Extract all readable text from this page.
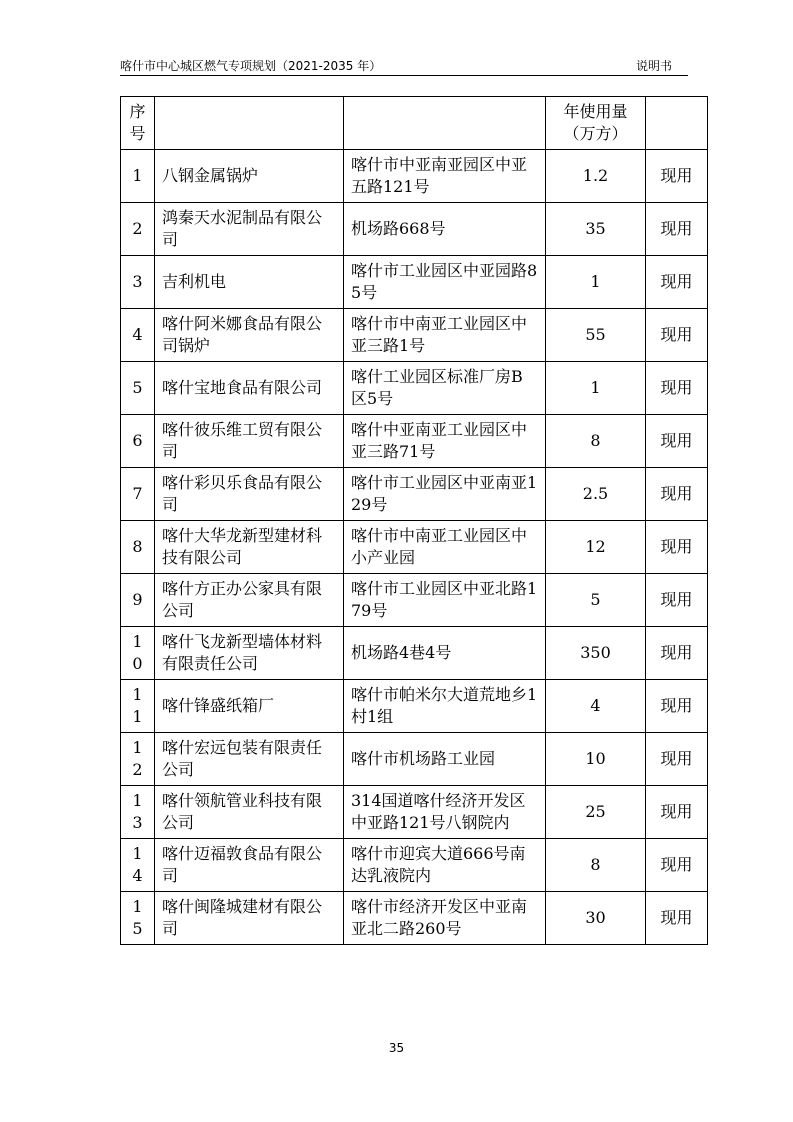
喀什市中心城区燃气专项规划（2021-2035 年）	说明书
序号			年使用量（万方）	
1	八钢金属锅炉	喀什市中亚南亚园区中亚五路121号	1.2	现用
2	鸿秦天水泥制品有限公司	机场路668号	35	现用
3	吉利机电	喀什市工业园区中亚园路85号	1	现用
4	喀什阿米娜食品有限公司锅炉	喀什市中南亚工业园区中亚三路1号	55	现用
5	喀什宝地食品有限公司	喀什工业园区标准厂房B区5号	1	现用
6	喀什彼乐维工贸有限公司	喀什中亚南亚工业园区中亚三路71号	8	现用
7	喀什彩贝乐食品有限公司	喀什市工业园区中亚南亚129号	2.5	现用
8	喀什大华龙新型建材科技有限公司	喀什市中南亚工业园区中小产业园	12	现用
9	喀什方正办公家具有限公司	喀什市工业园区中亚北路179号	5	现用
10	喀什飞龙新型墙体材料有限责任公司	机场路4巷4号	350	现用
11	喀什锋盛纸箱厂	喀什市帕米尔大道荒地乡1村1组	4	现用
12	喀什宏远包装有限责任公司	喀什市机场路工业园	10	现用
13	喀什领航管业科技有限公司	314国道喀什经济开发区中亚路121号八钢院内	25	现用
14	喀什迈福敦食品有限公司	喀什市迎宾大道666号南达乳液院内	8	现用
15	喀什闽隆城建材有限公司	喀什市经济开发区中亚南亚北二路260号	30	现用
35
